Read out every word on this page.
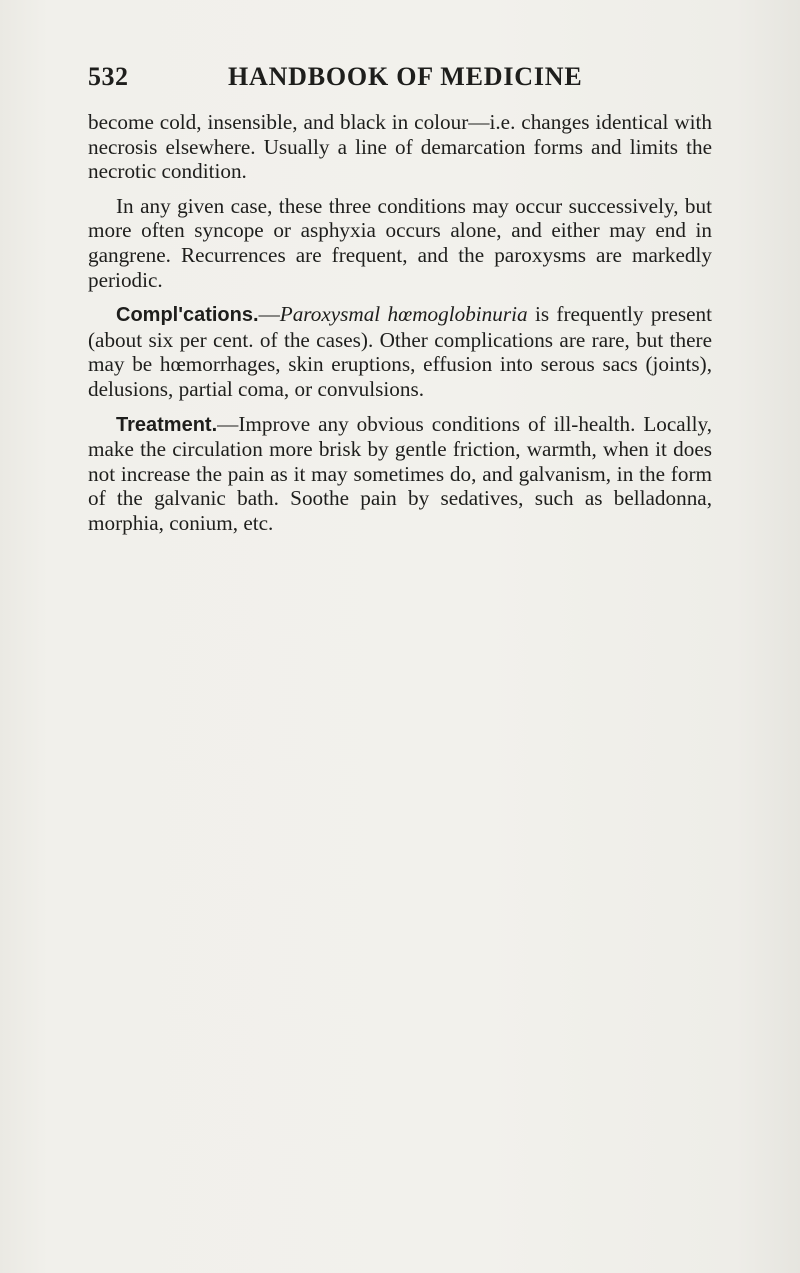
532	HANDBOOK OF MEDICINE

become cold, insensible, and black in colour—i.e. changes identical with necrosis elsewhere. Usually a line of demarcation forms and limits the necrotic condition.

In any given case, these three conditions may occur successively, but more often syncope or asphyxia occurs alone, and either may end in gangrene. Recurrences are frequent, and the paroxysms are markedly periodic.

Compl'cations.—Paroxysmal hœmoglobinuria is frequently present (about six per cent. of the cases). Other complications are rare, but there may be hœmorrhages, skin eruptions, effusion into serous sacs (joints), delusions, partial coma, or convulsions.

Treatment.—Improve any obvious conditions of ill-health. Locally, make the circulation more brisk by gentle friction, warmth, when it does not increase the pain as it may sometimes do, and galvanism, in the form of the galvanic bath. Soothe pain by sedatives, such as belladonna, morphia, conium, etc.
